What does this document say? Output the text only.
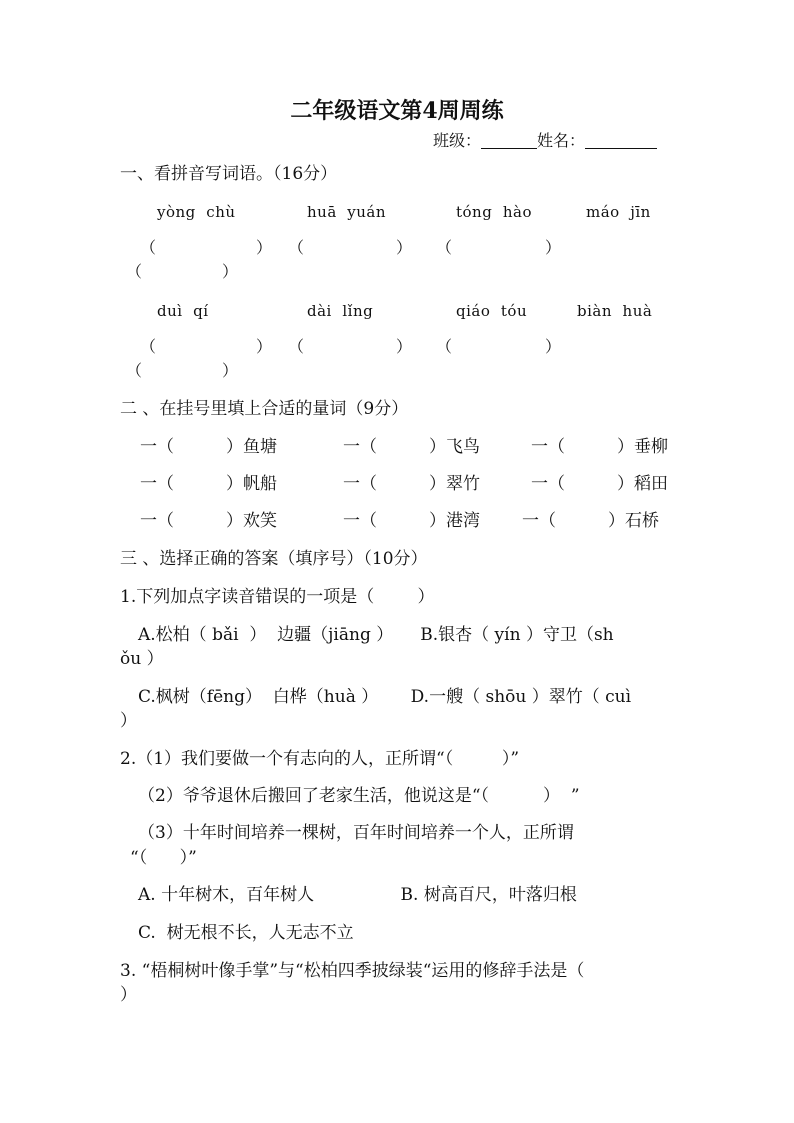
二年级语文第4周周练
班级：	姓名：
一、看拼音写词语。（16分）
yòng  chù	huā  yuán	tóng  hào	máo  jīn
（	） （	） （	）
（	）
duì  qí	dài  lǐng	qiáo  tóu	biàn  huà
（	） （	） （	）
（	）
二 、在挂号里填上合适的量词（9分）
一（	）鱼塘	一（	）飞鸟	一（	）垂柳
一（	）帆船	一（	）翠竹	一（	）稻田
一（	）欢笑	一（	）港湾 一（	）石桥
三 、选择正确的答案（填序号）（10分）
1.下列加点字读音错误的一项是（        ）
A.松柏（ bǎi  ）  边疆（jiāng ）     B.银杏（ yín ）守卫（sh
ǒu ）
C.枫树（fēng）  白桦（huà ）      D.一艘（ shōu ）翠竹（ cuì
）
2.（1）我们要做一个有志向的人，正所谓“（         ）”
（2）爷爷退休后搬回了老家生活，他说这是“（          ）  ”
（3）十年时间培养一棵树，百年时间培养一个人，正所谓
“（      ）”
A. 十年树木，百年树人                B. 树高百尺，叶落归根
C.  树无根不长，人无志不立
3. “梧桐树叶像手掌”与“松柏四季披绿装“运用的修辞手法是（
）
